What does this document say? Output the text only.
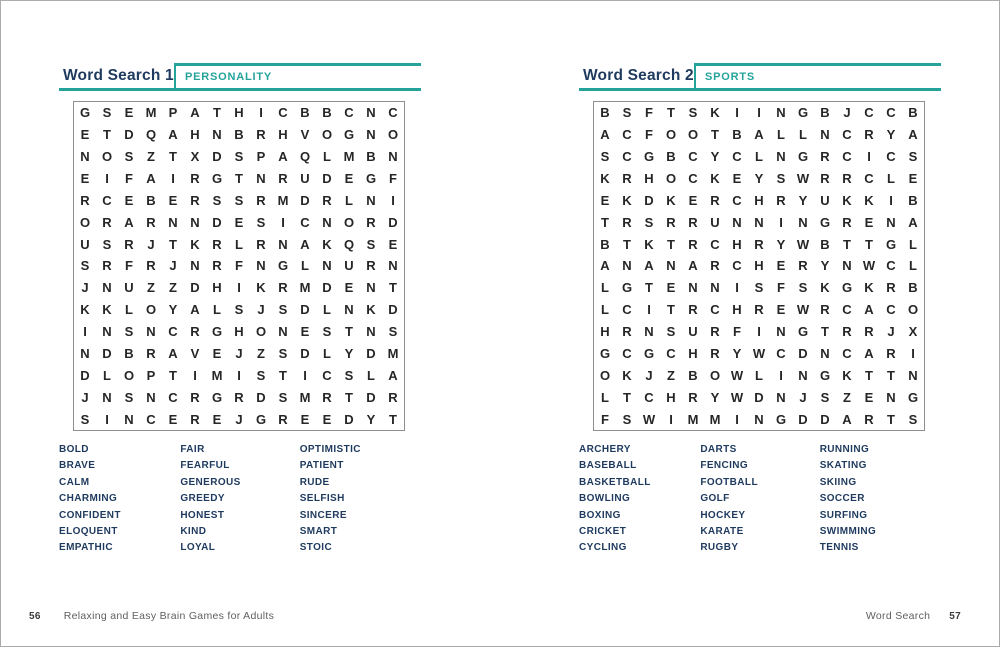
Word Search 1	PERSONALITY
G S	E M P A	T	H	I	C B B C N C
E	T	D Q A H N B R H V O G N O
N O S	Z	T	X D S	P A Q L M B N
E	I	F	A	I	R G T	N R U D E G F
R C E B E R S	S R M D R	L	N	I
O R A R N N D E	S	I	C N O R D
U S R	J	T	K R	L	R N A K Q S	E
S R	F	R	J	N R	F	N G L	N U R N
J	N U	Z	Z	D H	I	K R M D E N	T
K K	L O Y A	L	S	J	S D	L	N K D
I	N S N C R G H O N E	S	T	N S
N D B R A V	E	J	Z	S D	L	Y D M
D	L O P	T	I	M	I	S	T	I	C S	L	A
J	N S N C R G R D S M R	T	D R
S	I	N C E R E	J	G R E	E D Y	T
BOLD
BRAVE
CALM
CHARMING
CONFIDENT
ELOQUENT
EMPATHIC
FAIR
FEARFUL
GENEROUS
GREEDY
HONEST
KIND
LOYAL
OPTIMISTIC
PATIENT
RUDE
SELFISH
SINCERE
SMART
STOIC
Word Search 2	SPORTS
B S	F	T	S K	I	I	N G B	J	C C B
A C	F O O T	B A	L	L	N C R Y A
S C G B C Y C	L	N G R C	I	C S
K R H O C K E	Y	S W R R C	L	E
E K D K E R C H R Y U K K	I	B
T	R S R R U N N	I	N G R E N A
B	T	K	T	R C H R Y W B	T	T G L
A N A N A R C H E R Y N W C	L
L G T	E N N	I	S	F	S K G K R B
L	C	I	T	R C H R E W R C A C O
H R N S U R	F	I	N G T	R R	J	X
G C G C H R Y W C D N C A R	I
O K	J	Z	B O W L	I	N G K	T	T	N
L	T	C H R Y W D N	J	S	Z	E N G
F	S W	I	M M	I	N G D D A R	T	S
ARCHERY
BASEBALL
BASKETBALL
BOWLING
BOXING
CRICKET
CYCLING
DARTS
FENCING
FOOTBALL
GOLF
HOCKEY
KARATE
RUGBY
RUNNING
SKATING
SKIING
SOCCER
SURFING
SWIMMING
TENNIS
56 Relaxing and Easy Brain Games for Adults	Word Search 57
